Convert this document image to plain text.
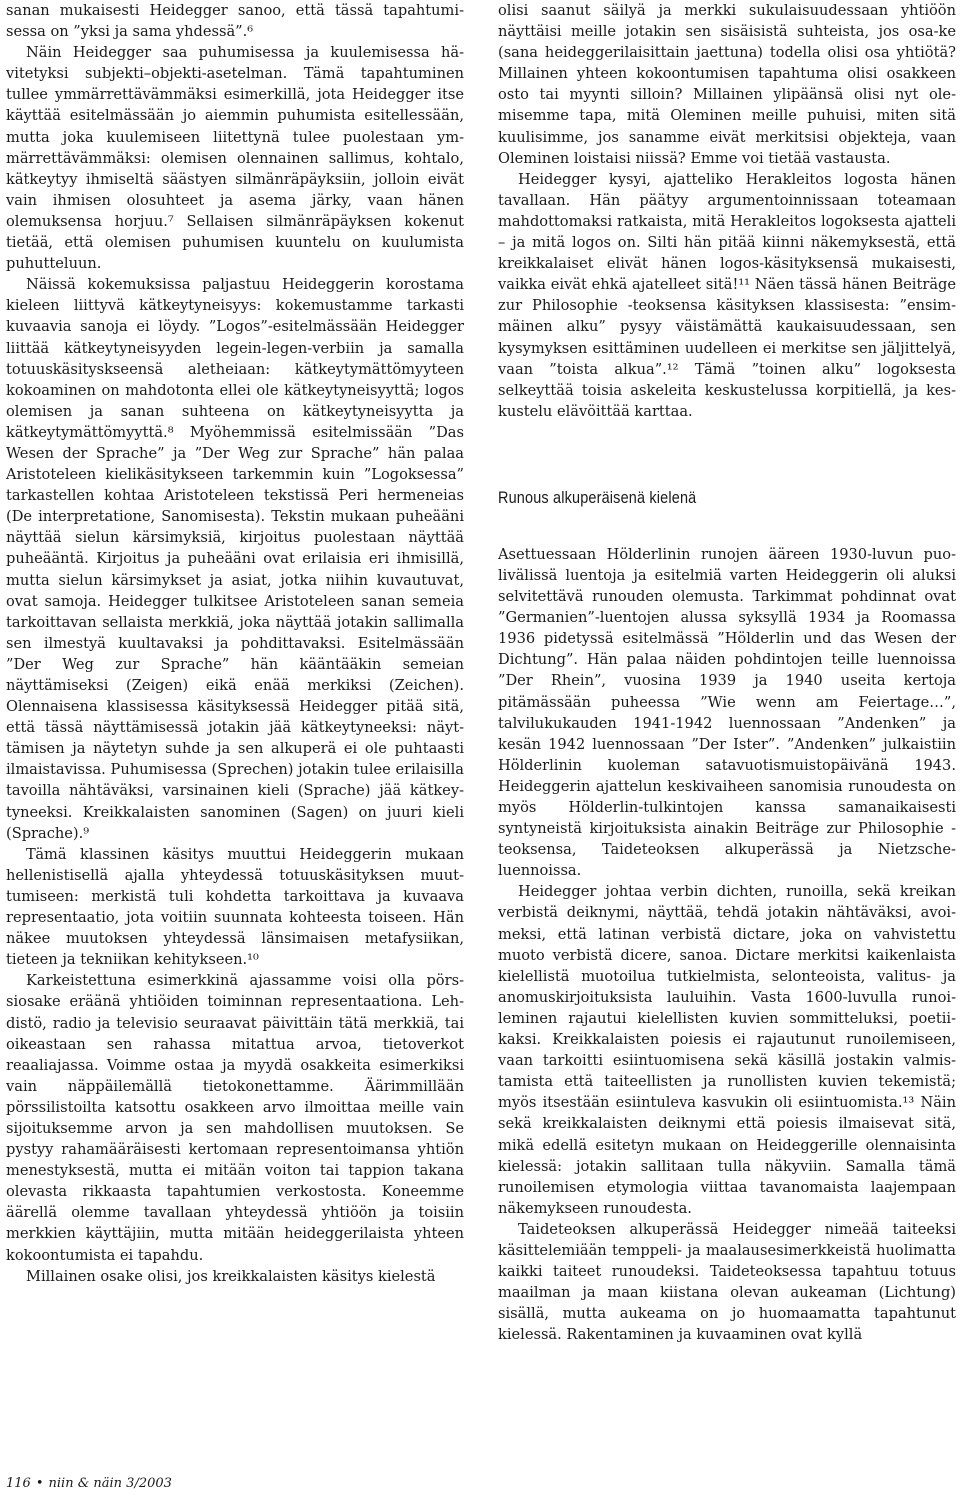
sanan mukaisesti Heidegger sanoo, että tässä tapahtumisessa on ”yksi ja sama yhdessä”.⁶

Näin Heidegger saa puhumisessa ja kuulemisessa hävitetyksi subjekti–objekti-asetelman. Tämä tapahtuminen tullee ymmärrettävämmäksi esimerkillä, jota Heidegger itse käyttää esitelmässään jo aiemmin puhumista esitellessään, mutta joka kuulemiseen liitettynä tulee puolestaan ymmärrettävämmäksi: olemisen olennainen sallimus, kohtalo, kätkeytyy ihmiseltä säästyen silmänräpäyksiin, jolloin eivät vain ihmisen olosuhteet ja asema järky, vaan hänen olemuksensa horjuu.⁷ Sellaisen silmänräpäyksen kokenut tietää, että olemisen puhumisen kuuntelu on kuulumista puhutteluun.

Näissä kokemuksissa paljastuu Heideggerin korostama kieleen liittyvä kätkeytyneisyys: kokemustamme tarkasti kuvaavia sanoja ei löydy. ”Logos”-esitelmässään Heidegger liittää kätkeytyneisyyden legein-legen-verbiin ja samalla totuuskäsityskseensä aletheiaan: kätkeytymättömyyteen kokoaminen on mahdotonta ellei ole kätkeytyneisyyttä; logos olemisen ja sanan suhteena on kätkeytyneisyytta ja kätkeytymättömyyttä.⁸ Myöhemmissä esitelmissään ”Das Wesen der Sprache” ja ”Der Weg zur Sprache” hän palaa Aristoteleen kielikäsitykseen tarkemmin kuin ”Logoksessa” tarkastellen kohtaa Aristoteleen tekstissä Peri hermeneias (De interpretatione, Sanomisesta). Tekstin mukaan puheääni näyttää sielun kärsimyksiä, kirjoitus puolestaan näyttää puheääntä. Kirjoitus ja puheääni ovat erilaisia eri ihmisillä, mutta sielun kärsimykset ja asiat, jotka niihin kuvautuvat, ovat samoja. Heidegger tulkitsee Aristoteleen sanan semeia tarkoittavan sellaista merkkiä, joka näyttää jotakin sallimalla sen ilmestyä kuultavaksi ja pohdittavaksi. Esitelmässään ”Der Weg zur Sprache” hän kääntääkin semeian näyttämiseksi (Zeigen) eikä enää merkiksi (Zeichen). Olennaisena klassisessa käsityksessä Heidegger pitää sitä, että tässä näyttämisessä jotakin jää kätkeytyneeksi: näyttämisen ja näytetyn suhde ja sen alkuperä ei ole puhtaasti ilmaistavissa. Puhumisessa (Sprechen) jotakin tulee erilaisilla tavoilla nähtäväksi, varsinainen kieli (Sprache) jää kätkeytyneeksi. Kreikkalaisten sanominen (Sagen) on juuri kieli (Sprache).⁹

Tämä klassinen käsitys muuttui Heideggerin mukaan hellenistisellä ajalla yhteydessä totuuskäsityksen muuttumiseen: merkistä tuli kohdetta tarkoittava ja kuvaava representaatio, jota voitiin suunnata kohteesta toiseen. Hän näkee muutoksen yhteydessä länsimaisen metafysiikan, tieteen ja tekniikan kehitykseen.¹⁰

Karkeistettuna esimerkkinä ajassamme voisi olla pörssiosake eräänä yhtiöiden toiminnan representaationa. Lehdistö, radio ja televisio seuraavat päivittäin tätä merkkiä, tai oikeastaan sen rahassa mitattua arvoa, tietoverkot reaaliajassa. Voimme ostaa ja myydä osakkeita esimerkiksi vain näppäilemällä tietokonettamme. Äärimmillään pörssilistoilta katsottu osakkeen arvo ilmoittaa meille vain sijoituksemme arvon ja sen mahdollisen muutoksen. Se pystyy rahamääräisesti kertomaan representoimansa yhtiön menestyksestä, mutta ei mitään voiton tai tappion takana olevasta rikkaasta tapahtumien verkostosta. Koneemme äärellä olemme tavallaan yhteydessä yhtiöön ja toisiin merkkien käyttäjiin, mutta mitään heideggerilaista yhteen kokoontumista ei tapahdu.

Millainen osake olisi, jos kreikkalaisten käsitys kielestä

olisi saanut säilyä ja merkki sukulaisuudessaan yhtiöön näyttäisi meille jotakin sen sisäisistä suhteista, jos osa-ke (sana heideggerilaisittain jaettuna) todella olisi osa yhtiötä? Millainen yhteen kokoontumisen tapahtuma olisi osakkeen osto tai myynti silloin? Millainen ylipäänsä olisi nyt olemisemme tapa, mitä Oleminen meille puhuisi, miten sitä kuulisimme, jos sanamme eivät merkitsisi objekteja, vaan Oleminen loistaisi niissä? Emme voi tietää vastausta.

Heidegger kysyi, ajatteliko Herakleitos logosta hänen tavallaan. Hän päätyy argumentoinnissaan toteamaan mahdottomaksi ratkaista, mitä Herakleitos logoksesta ajatteli – ja mitä logos on. Silti hän pitää kiinni näkemyksestä, että kreikkalaiset elivät hänen logos-käsityksensä mukaisesti, vaikka eivät ehkä ajatelleet sitä!¹¹ Näen tässä hänen Beiträge zur Philosophie -teoksensa käsityksen klassisesta: ”ensimmäinen alku” pysyy väistämättä kaukaisuudessaan, sen kysymyksen esittäminen uudelleen ei merkitse sen jäljittelyä, vaan ”toista alkua”.¹² Tämä ”toinen alku” logoksesta selkeyttää toisia askeleita keskustelussa korpitiellä, ja keskustelu elävöittää karttaa.

Runous alkuperäisenä kielenä

Asettuessaan Hölderlinin runojen ääreen 1930-luvun puolivälissä luentoja ja esitelmiä varten Heideggerin oli aluksi selvitettävä runouden olemusta. Tarkimmat pohdinnat ovat ”Germanien”-luentojen alussa syksyllä 1934 ja Roomassa 1936 pidetyssä esitelmässä ”Hölderlin und das Wesen der Dichtung”. Hän palaa näiden pohdintojen teille luennoissa ”Der Rhein”, vuosina 1939 ja 1940 useita kertoja pitämässään puheessa ”Wie wenn am Feiertage…”, talvilukukauden 1941-1942 luennossaan ”Andenken” ja kesän 1942 luennossaan ”Der Ister”. ”Andenken” julkaistiin Hölderlinin kuoleman satavuotismuistopäivänä 1943. Heideggerin ajattelun keskivaiheen sanomisia runoudesta on myös Hölderlin-tulkintojen kanssa samanaikaisesti syntyneistä kirjoituksista ainakin Beiträge zur Philosophie -teoksensa, Taideteoksen alkuperässä ja Nietzsche-luennoissa.

Heidegger johtaa verbin dichten, runoilla, sekä kreikan verbistä deiknymi, näyttää, tehdä jotakin nähtäväksi, avoimeksi, että latinan verbistä dictare, joka on vahvistettu muoto verbistä dicere, sanoa. Dictare merkitsi kaikenlaista kielellistä muotoilua tutkielmista, selonteoista, valitus- ja anomuskirjoituksista lauluihin. Vasta 1600-luvulla runoileminen rajautui kielellisten kuvien sommitteluksi, poetiikaksi. Kreikkalaisten poiesis ei rajautunut runoilemiseen, vaan tarkoitti esiintuomisena sekä käsillä jostakin valmistamista että taiteellisten ja runollisten kuvien tekemistä; myös itsestään esiintuleva kasvukin oli esiintuomista.¹³ Näin sekä kreikkalaisten deiknymi että poiesis ilmaisevat sitä, mikä edellä esitetyn mukaan on Heideggerille olennaisinta kielessä: jotakin sallitaan tulla näkyviin. Samalla tämä runoilemisen etymologia viittaa tavanomaista laajempaan näkemykseen runoudesta.

Taideteoksen alkuperässä Heidegger nimeää taiteeksi käsittelemiään temppeli- ja maalausesimerkkeistä huolimatta kaikki taiteet runoudeksi. Taideteoksessa tapahtuu totuus maailman ja maan kiistana olevan aukeaman (Lichtung) sisällä, mutta aukeama on jo huomaamatta tapahtunut kielessä. Rakentaminen ja kuvaaminen ovat kyllä

116 • niin & näin 3/2003
